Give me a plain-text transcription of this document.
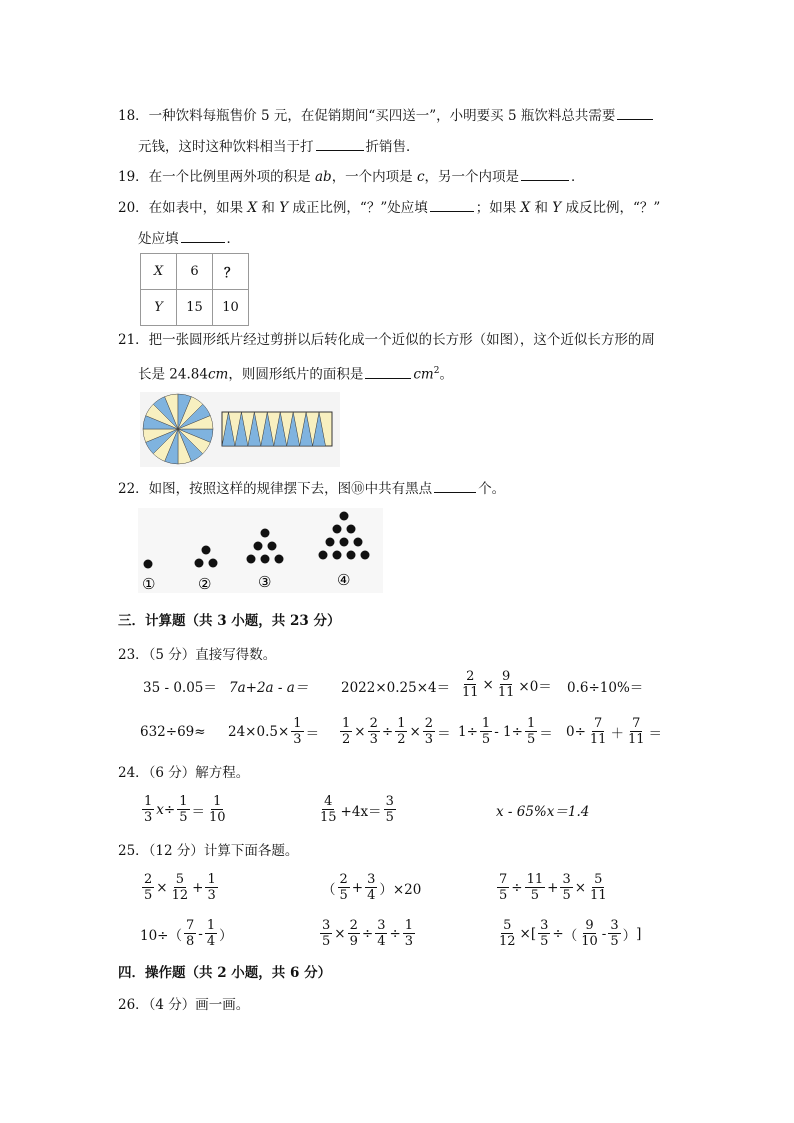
18．一种饮料每瓶售价 5 元，在促销期间“买四送一”，小明要买 5 瓶饮料总共需要
元钱，这时这种饮料相当于打	折销售．
19．在一个比例里两外项的积是 ab，一个内项是 c，另一个内项是	．
20．在如表中，如果 X 和 Y 成正比例，“？”处应填	；如果 X 和 Y 成反比例，“？”
处应填	．
X	6	？
Y	15	10
21．把一张圆形纸片经过剪拼以后转化成一个近似的长方形（如图），这个近似长方形的周
长是 24.84cm，则圆形纸片的面积是	$cm^2$。
22．如图，按照这样的规律摆下去，图⑩中共有黑点	个。
①	②	③	④
三．计算题（共 3 小题，共 23 分）
23．（5 分）直接写得数。
$35 - 0.05= 7a+2a - a= 2022\times 0.25\times 4= \frac{2}{11} \times \frac{9}{11} \times 0= 0.6\div 10\%=$
$632\div 69\approx 24\times 0.5\times \frac{1}{3} = \frac{1}{2} \times \frac{2}{3} \div \frac{1}{2} \times \frac{2}{3} = 1\div \frac{1}{5} - 1\div \frac{1}{5} = 0\div \frac{7}{11} + \frac{7}{11}$ ＝
24．（6 分）解方程。
$\frac{1}{3} x\div \frac{1}{5} = \frac{1}{10}$	$\frac{4}{15} +4x= \frac{3}{5}$	x - 65%x＝1.4
25．（12 分）计算下面各题。
$\frac{2}{5} \times \frac{5}{12} + \frac{1}{3}$	（ $\frac{2}{5} + \frac{3}{4} )\times 20$	$\frac{7}{5} \div \frac{11}{5} + \frac{3}{5} \times \frac{5}{11}$
$10\div( \frac{7}{8} - \frac{1}{4}$ ）	$\frac{3}{5} \times \frac{2}{9} \div \frac{3}{4} \div \frac{1}{3}$	$\frac{5}{12}$ × [ $\frac{3}{5}$ ÷ （ $\frac{9}{10} - \frac{3}{5}$ ） ]
四．操作题（共 2 小题，共 6 分）
26．（4 分）画一画。
